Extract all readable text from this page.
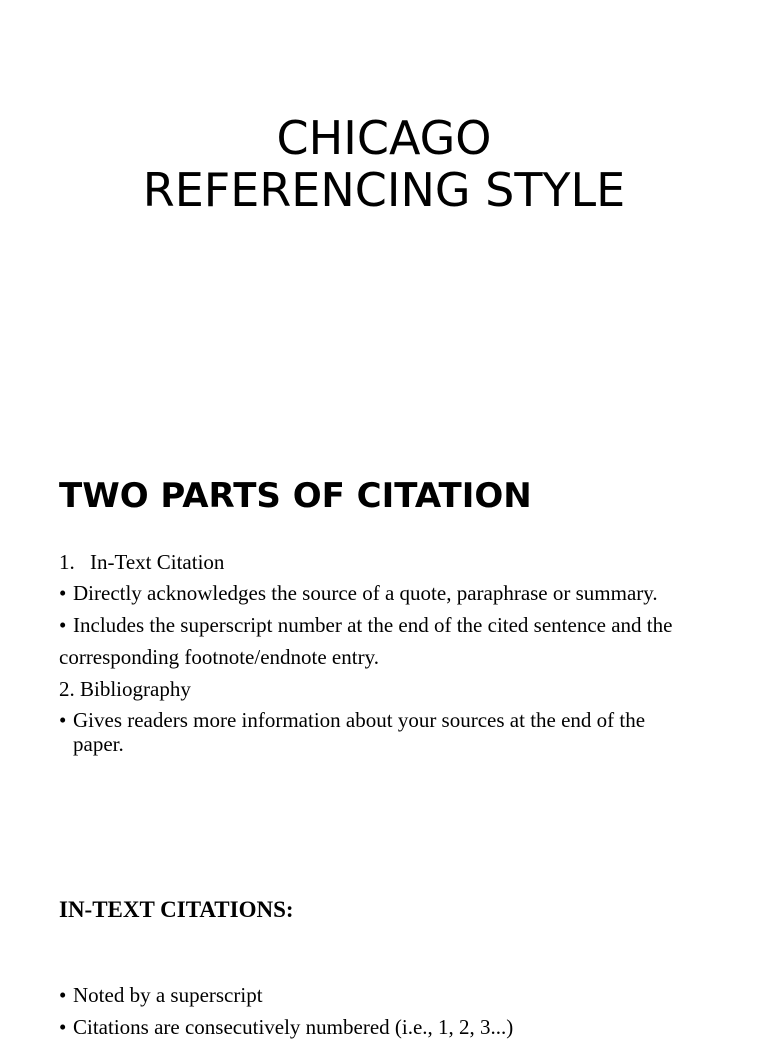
CHICAGO
REFERENCING STYLE
TWO PARTS OF CITATION
1. In-Text Citation
• Directly acknowledges the source of a quote, paraphrase or summary.
• Includes the superscript number at the end of the cited sentence and the
corresponding footnote/endnote entry.
2. Bibliography
• Gives readers more information about your sources at the end of the
paper.
IN-TEXT CITATIONS:
• Noted by a superscript
• Citations are consecutively numbered (i.e., 1, 2, 3...)
